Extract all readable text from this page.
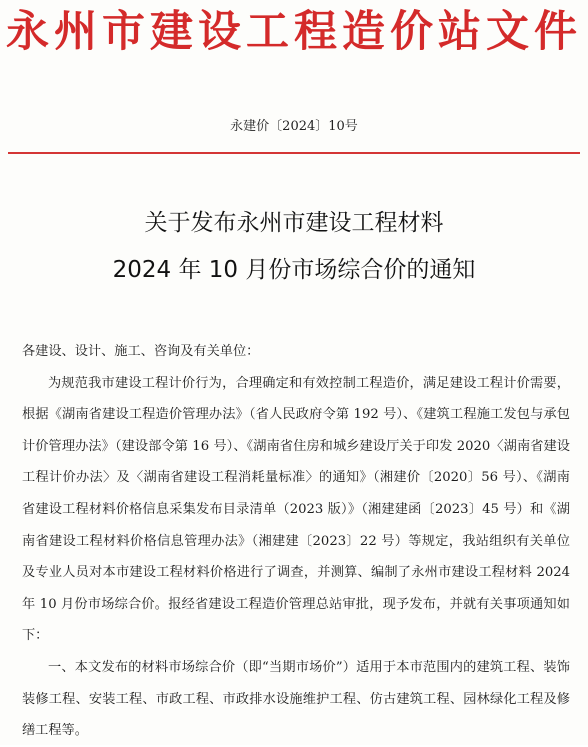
永州市建设工程造价站文件
永建价〔2024〕10号
关于发布永州市建设工程材料
2024 年 10 月份市场综合价的通知

各建设、设计、施工、咨询及有关单位：

为规范我市建设工程计价行为，合理确定和有效控制工程造价，满足建设工程计价需要，根据《湖南省建设工程造价管理办法》（省人民政府令第 192 号）、《建筑工程施工发包与承包计价管理办法》（建设部令第 16 号）、《湖南省住房和城乡建设厅关于印发 2020〈湖南省建设工程计价办法〉及〈湖南省建设工程消耗量标准〉的通知》（湘建价〔2020〕56 号）、《湖南省建设工程材料价格信息采集发布目录清单（2023 版）》（湘建建函〔2023〕45 号）和《湖南省建设工程材料价格信息管理办法》（湘建建〔2023〕22 号）等规定，我站组织有关单位及专业人员对本市建设工程材料价格进行了调查，并测算、编制了永州市建设工程材料 2024 年 10 月份市场综合价。报经省建设工程造价管理总站审批，现予发布，并就有关事项通知如下：

一、本文发布的材料市场综合价（即“当期市场价”）适用于本市范围内的建筑工程、装饰装修工程、安装工程、市政工程、市政排水设施维护工程、仿古建筑工程、园林绿化工程及修缮工程等。
